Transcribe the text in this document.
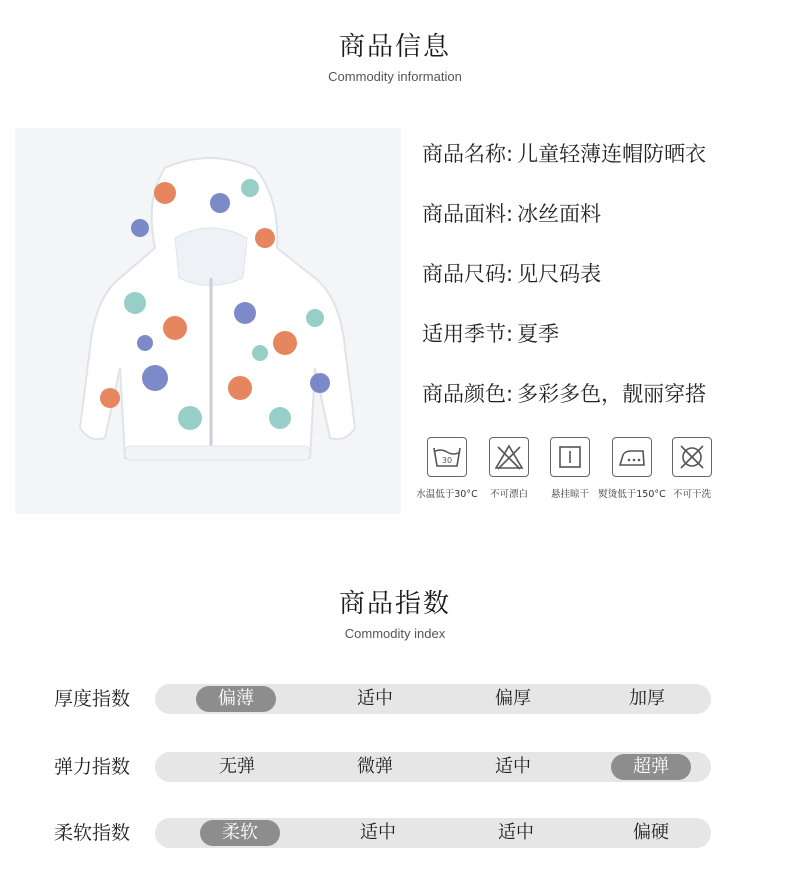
商品信息
Commodity information
商品名称: 儿童轻薄连帽防晒衣
商品面料: 冰丝面料
商品尺码: 见尺码表
适用季节: 夏季
商品颜色: 多彩多色，靓丽穿搭
30
水温低于30°C	不可漂白	悬挂晾干 熨烫低于150°C 不可干洗
商品指数
Commodity index
厚度指数	偏薄	适中	偏厚	加厚
弹力指数	无弹	微弹	适中	超弹
柔软指数	柔软	适中	适中	偏硬
